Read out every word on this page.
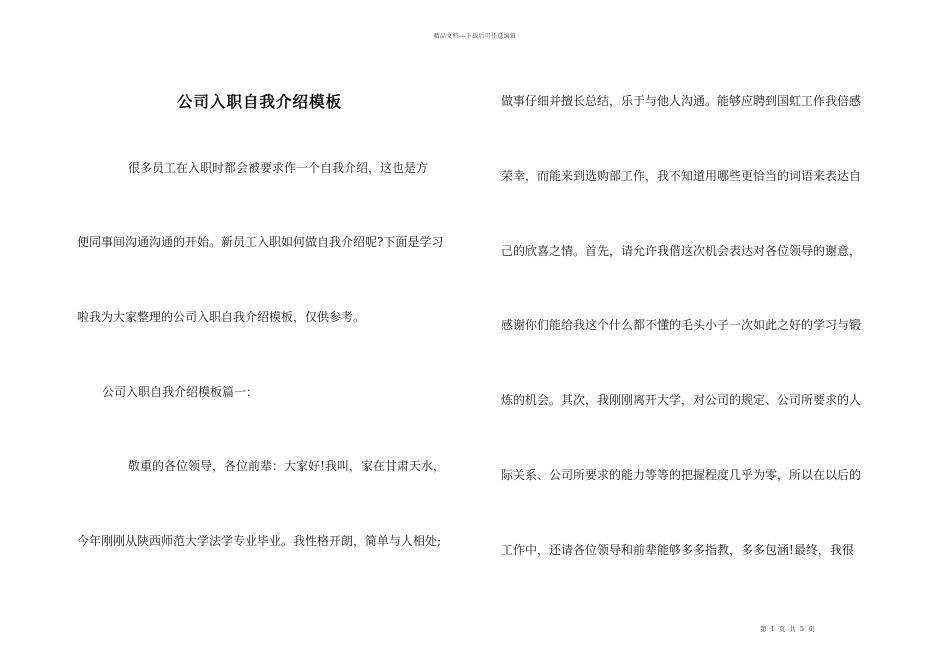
精品文档---下载后可任意编辑
公司入职自我介绍模板
很多员工在入职时都会被要求作一个自我介绍，这也是方
便同事间沟通沟通的开始。新员工入职如何做自我介绍呢?下面是学习
啦我为大家整理的公司入职自我介绍模板，仅供参考。
公司入职自我介绍模板篇一：
敬重的各位领导，各位前辈：大家好!我叫，家在甘肃天水，
今年刚刚从陕西师范大学法学专业毕业。我性格开朗，简单与人相处;
做事仔细并擅长总结，乐于与他人沟通。能够应聘到国虹工作我倍感
荣幸，而能来到选购部工作，我不知道用哪些更恰当的词语来表达自
己的欣喜之情。首先，请允许我借这次机会表达对各位领导的谢意，
感谢你们能给我这个什么都不懂的毛头小子一次如此之好的学习与锻
炼的机会。其次，我刚刚离开大学，对公司的规定、公司所要求的人
际关系、公司所要求的能力等等的把握程度几乎为零，所以在以后的
工作中，还请各位领导和前辈能够多多指教，多多包涵!最终，我很
第 1 页 共 5 页
